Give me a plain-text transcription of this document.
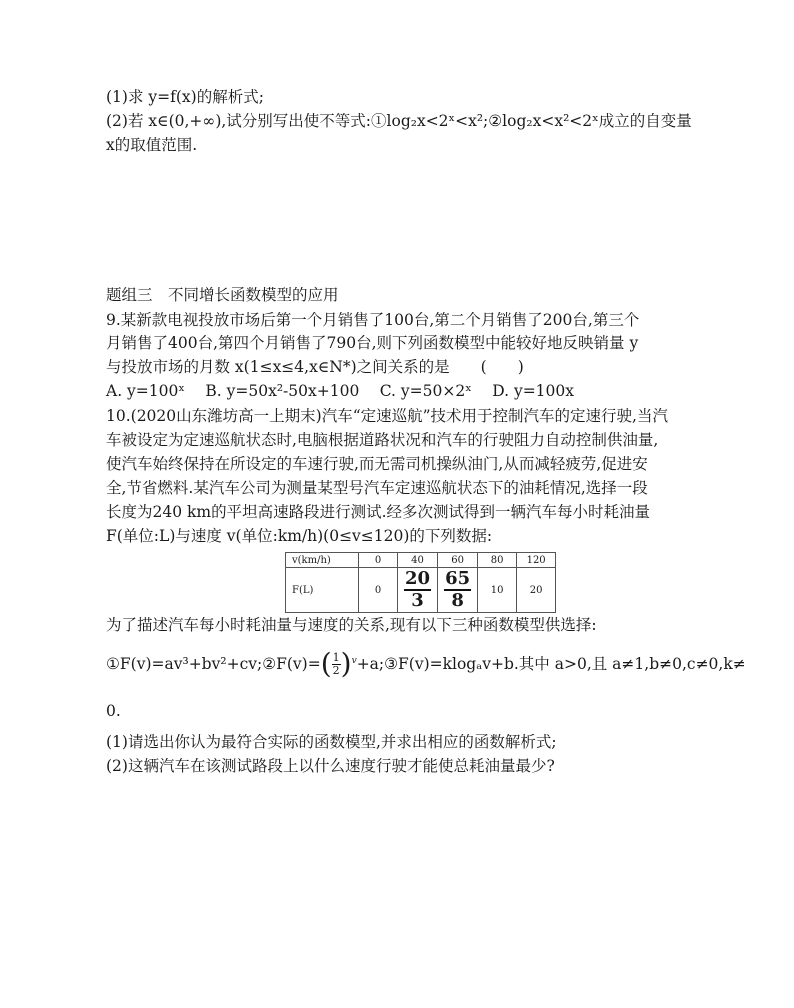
(1)求 y=f(x)的解析式;
(2)若 x∈(0,+∞),试分别写出使不等式:①log₂x<2ˣ<x²;②log₂x<x²<2ˣ成立的自变量
x的取值范围.
题组三　不同增长函数模型的应用
9.某新款电视投放市场后第一个月销售了100台,第二个月销售了200台,第三个
月销售了400台,第四个月销售了790台,则下列函数模型中能较好地反映销量 y
与投放市场的月数 x(1≤x≤4,x∈N*)之间关系的是　　(　　)
A. y=100ˣ　 B. y=50x²-50x+100　 C. y=50×2ˣ　 D. y=100x
10.(2020山东潍坊高一上期末)汽车“定速巡航”技术用于控制汽车的定速行驶,当汽
车被设定为定速巡航状态时,电脑根据道路状况和汽车的行驶阻力自动控制供油量,
使汽车始终保持在所设定的车速行驶,而无需司机操纵油门,从而减轻疲劳,促进安
全,节省燃料.某汽车公司为测量某型号汽车定速巡航状态下的油耗情况,选择一段
长度为240 km的平坦高速路段进行测试.经多次测试得到一辆汽车每小时耗油量
F(单位:L)与速度 v(单位:km/h)(0≤v≤120)的下列数据:
v(km/h)	0	40	60	80	120
F(L)	0	$\frac{20}{3}$	$\frac{65}{8}$	10	20
为了描述汽车每小时耗油量与速度的关系,现有以下三种函数模型供选择:
①F(v)=av³+bv²+cv;②F(v)= ( $\frac{1}{2}$ ) v +a;③F(v)=klogₐv+b.其中 a>0,且 a≠1,b≠0,c≠0,k≠
0.
(1)请选出你认为最符合实际的函数模型,并求出相应的函数解析式;
(2)这辆汽车在该测试路段上以什么速度行驶才能使总耗油量最少?
